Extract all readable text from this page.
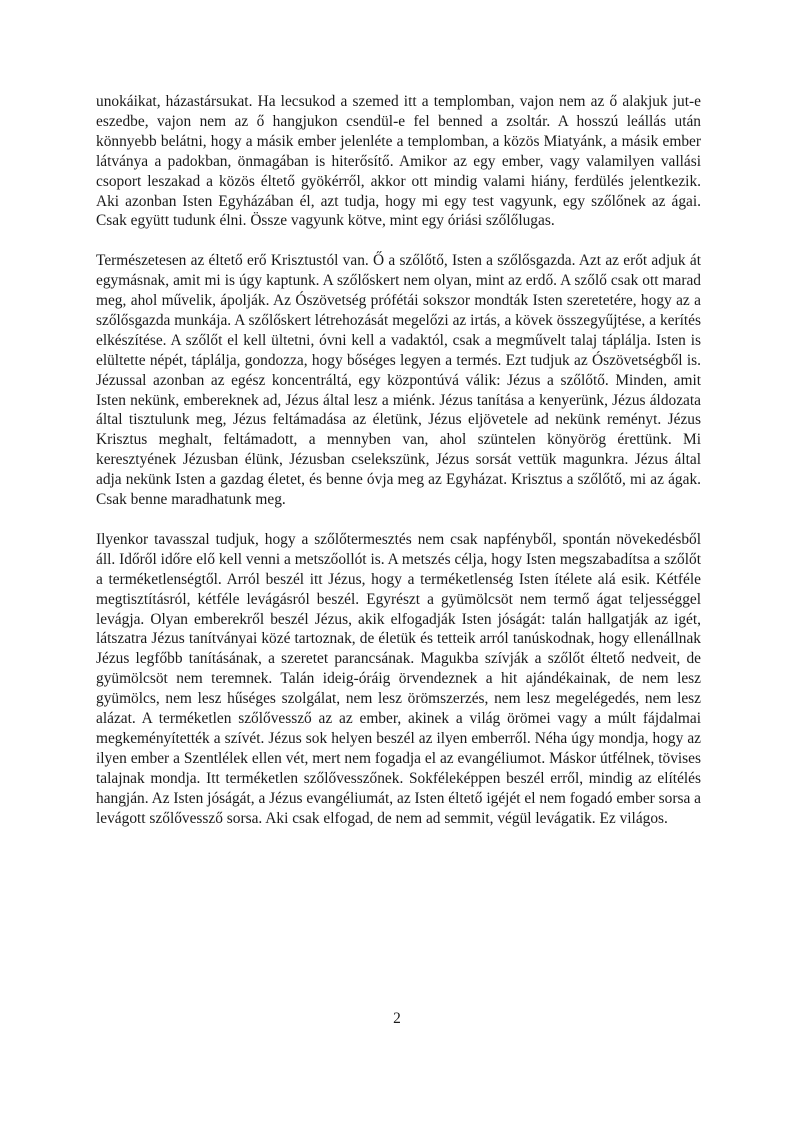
unokáikat, házastársukat. Ha lecsukod a szemed itt a templomban, vajon nem az ő alakjuk jut-e eszedbe, vajon nem az ő hangjukon csendül-e fel benned a zsoltár. A hosszú leállás után könnyebb belátni, hogy a másik ember jelenléte a templomban, a közös Miatyánk, a másik ember látványa a padokban, önmagában is hiterősítő. Amikor az egy ember, vagy valamilyen vallási csoport leszakad a közös éltető gyökérről, akkor ott mindig valami hiány, ferdülés jelentkezik. Aki azonban Isten Egyházában él, azt tudja, hogy mi egy test vagyunk, egy szőlőnek az ágai. Csak együtt tudunk élni. Össze vagyunk kötve, mint egy óriási szőlőlugas.

Természetesen az éltető erő Krisztustól van. Ő a szőlőtő, Isten a szőlősgazda. Azt az erőt adjuk át egymásnak, amit mi is úgy kaptunk. A szőlőskert nem olyan, mint az erdő. A szőlő csak ott marad meg, ahol művelik, ápolják. Az Ószövetség prófétái sokszor mondták Isten szeretetére, hogy az a szőlősgazda munkája. A szőlőskert létrehozását megelőzi az irtás, a kövek összegyűjtése, a kerítés elkészítése. A szőlőt el kell ültetni, óvni kell a vadaktól, csak a megművelt talaj táplálja. Isten is elültette népét, táplálja, gondozza, hogy bőséges legyen a termés. Ezt tudjuk az Ószövetségből is. Jézussal azonban az egész koncentráltá, egy központúvá válik: Jézus a szőlőtő. Minden, amit Isten nekünk, embereknek ad, Jézus által lesz a miénk. Jézus tanítása a kenyerünk, Jézus áldozata által tisztulunk meg, Jézus feltámadása az életünk, Jézus eljövetele ad nekünk reményt. Jézus Krisztus meghalt, feltámadott, a mennyben van, ahol szüntelen könyörög érettünk. Mi keresztyének Jézusban élünk, Jézusban cselekszünk, Jézus sorsát vettük magunkra. Jézus által adja nekünk Isten a gazdag életet, és benne óvja meg az Egyházat. Krisztus a szőlőtő, mi az ágak. Csak benne maradhatunk meg.

Ilyenkor tavasszal tudjuk, hogy a szőlőtermesztés nem csak napfényből, spontán növekedésből áll. Időről időre elő kell venni a metszőollót is. A metszés célja, hogy Isten megszabadítsa a szőlőt a terméketlenségtől. Arról beszél itt Jézus, hogy a terméketlenség Isten ítélete alá esik. Kétféle megtisztításról, kétféle levágásról beszél. Egyrészt a gyümölcsöt nem termő ágat teljességgel levágja. Olyan emberekről beszél Jézus, akik elfogadják Isten jóságát: talán hallgatják az igét, látszatra Jézus tanítványai közé tartoznak, de életük és tetteik arról tanúskodnak, hogy ellenállnak Jézus legfőbb tanításának, a szeretet parancsának. Magukba szívják a szőlőt éltető nedveit, de gyümölcsöt nem teremnek. Talán ideig-óráig örvendeznek a hit ajándékainak, de nem lesz gyümölcs, nem lesz hűséges szolgálat, nem lesz örömszerzés, nem lesz megelégedés, nem lesz alázat. A terméketlen szőlővessző az az ember, akinek a világ örömei vagy a múlt fájdalmai megkeményítették a szívét. Jézus sok helyen beszél az ilyen emberről. Néha úgy mondja, hogy az ilyen ember a Szentlélek ellen vét, mert nem fogadja el az evangéliumot. Máskor útfélnek, tövises talajnak mondja. Itt terméketlen szőlővesszőnek. Sokféleképpen beszél erről, mindig az elítélés hangján. Az Isten jóságát, a Jézus evangéliumát, az Isten éltető igéjét el nem fogadó ember sorsa a levágott szőlővessző sorsa. Aki csak elfogad, de nem ad semmit, végül levágatik. Ez világos.

2
